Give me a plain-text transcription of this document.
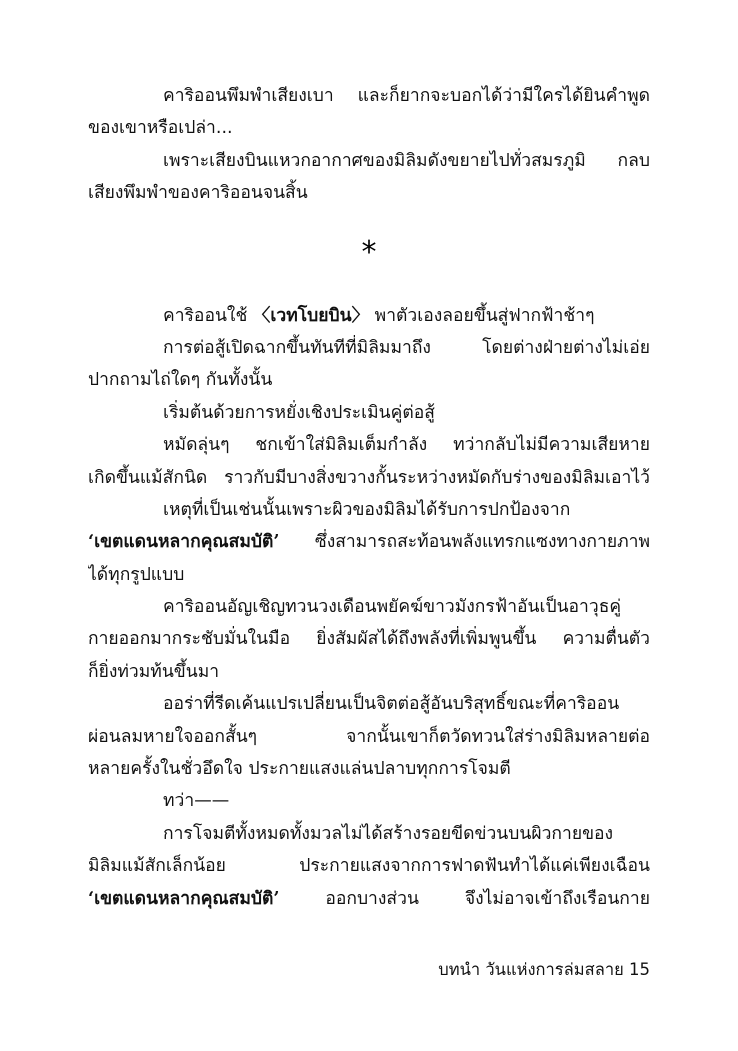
คาริออนพึมพำเสียงเบา และก็ยากจะบอกได้ว่ามีใครได้ยินคำพูด
ของเขาหรือเปล่า...
เพราะเสียงบินแหวกอากาศของมิลิมดังขยายไปทั่วสมรภูมิ กลบ
เสียงพึมพำของคาริออนจนสิ้น
*
คาริออนใช้ 〈เวทโบยบิน〉 พาตัวเองลอยขึ้นสู่ฟากฟ้าช้าๆ
การต่อสู้เปิดฉากขึ้นทันทีที่มิลิมมาถึง โดยต่างฝ่ายต่างไม่เอ่ย
ปากถามไถ่ใดๆ กันทั้งนั้น
เริ่มต้นด้วยการหยั่งเชิงประเมินคู่ต่อสู้
หมัดลุ่นๆ ชกเข้าใส่มิลิมเต็มกำลัง ทว่ากลับไม่มีความเสียหาย
เกิดขึ้นแม้สักนิด ราวกับมีบางสิ่งขวางกั้นระหว่างหมัดกับร่างของมิลิมเอาไว้
เหตุที่เป็นเช่นนั้นเพราะผิวของมิลิมได้รับการปกป้องจาก
‘เขตแดนหลากคุณสมบัติ’ ซึ่งสามารถสะท้อนพลังแทรกแซงทางกายภาพ
ได้ทุกรูปแบบ
คาริออนอัญเชิญทวนวงเดือนพยัคฆ์ขาวมังกรฟ้าอันเป็นอาวุธคู่
กายออกมากระชับมั่นในมือ ยิ่งสัมผัสได้ถึงพลังที่เพิ่มพูนขึ้น ความตื่นตัว
ก็ยิ่งท่วมท้นขึ้นมา
ออร่าที่รีดเค้นแปรเปลี่ยนเป็นจิตต่อสู้อันบริสุทธิ์ขณะที่คาริออน
ผ่อนลมหายใจออกสั้นๆ จากนั้นเขาก็ตวัดทวนใส่ร่างมิลิมหลายต่อ
หลายครั้งในชั่วอึดใจ ประกายแสงแล่นปลาบทุกการโจมตี
ทว่า——
การโจมตีทั้งหมดทั้งมวลไม่ได้สร้างรอยขีดข่วนบนผิวกายของ
มิลิมแม้สักเล็กน้อย ประกายแสงจากการฟาดฟันทำได้แค่เพียงเฉือน
‘เขตแดนหลากคุณสมบัติ’ ออกบางส่วน จึงไม่อาจเข้าถึงเรือนกาย
บทนำ วันแห่งการล่มสลาย 15
